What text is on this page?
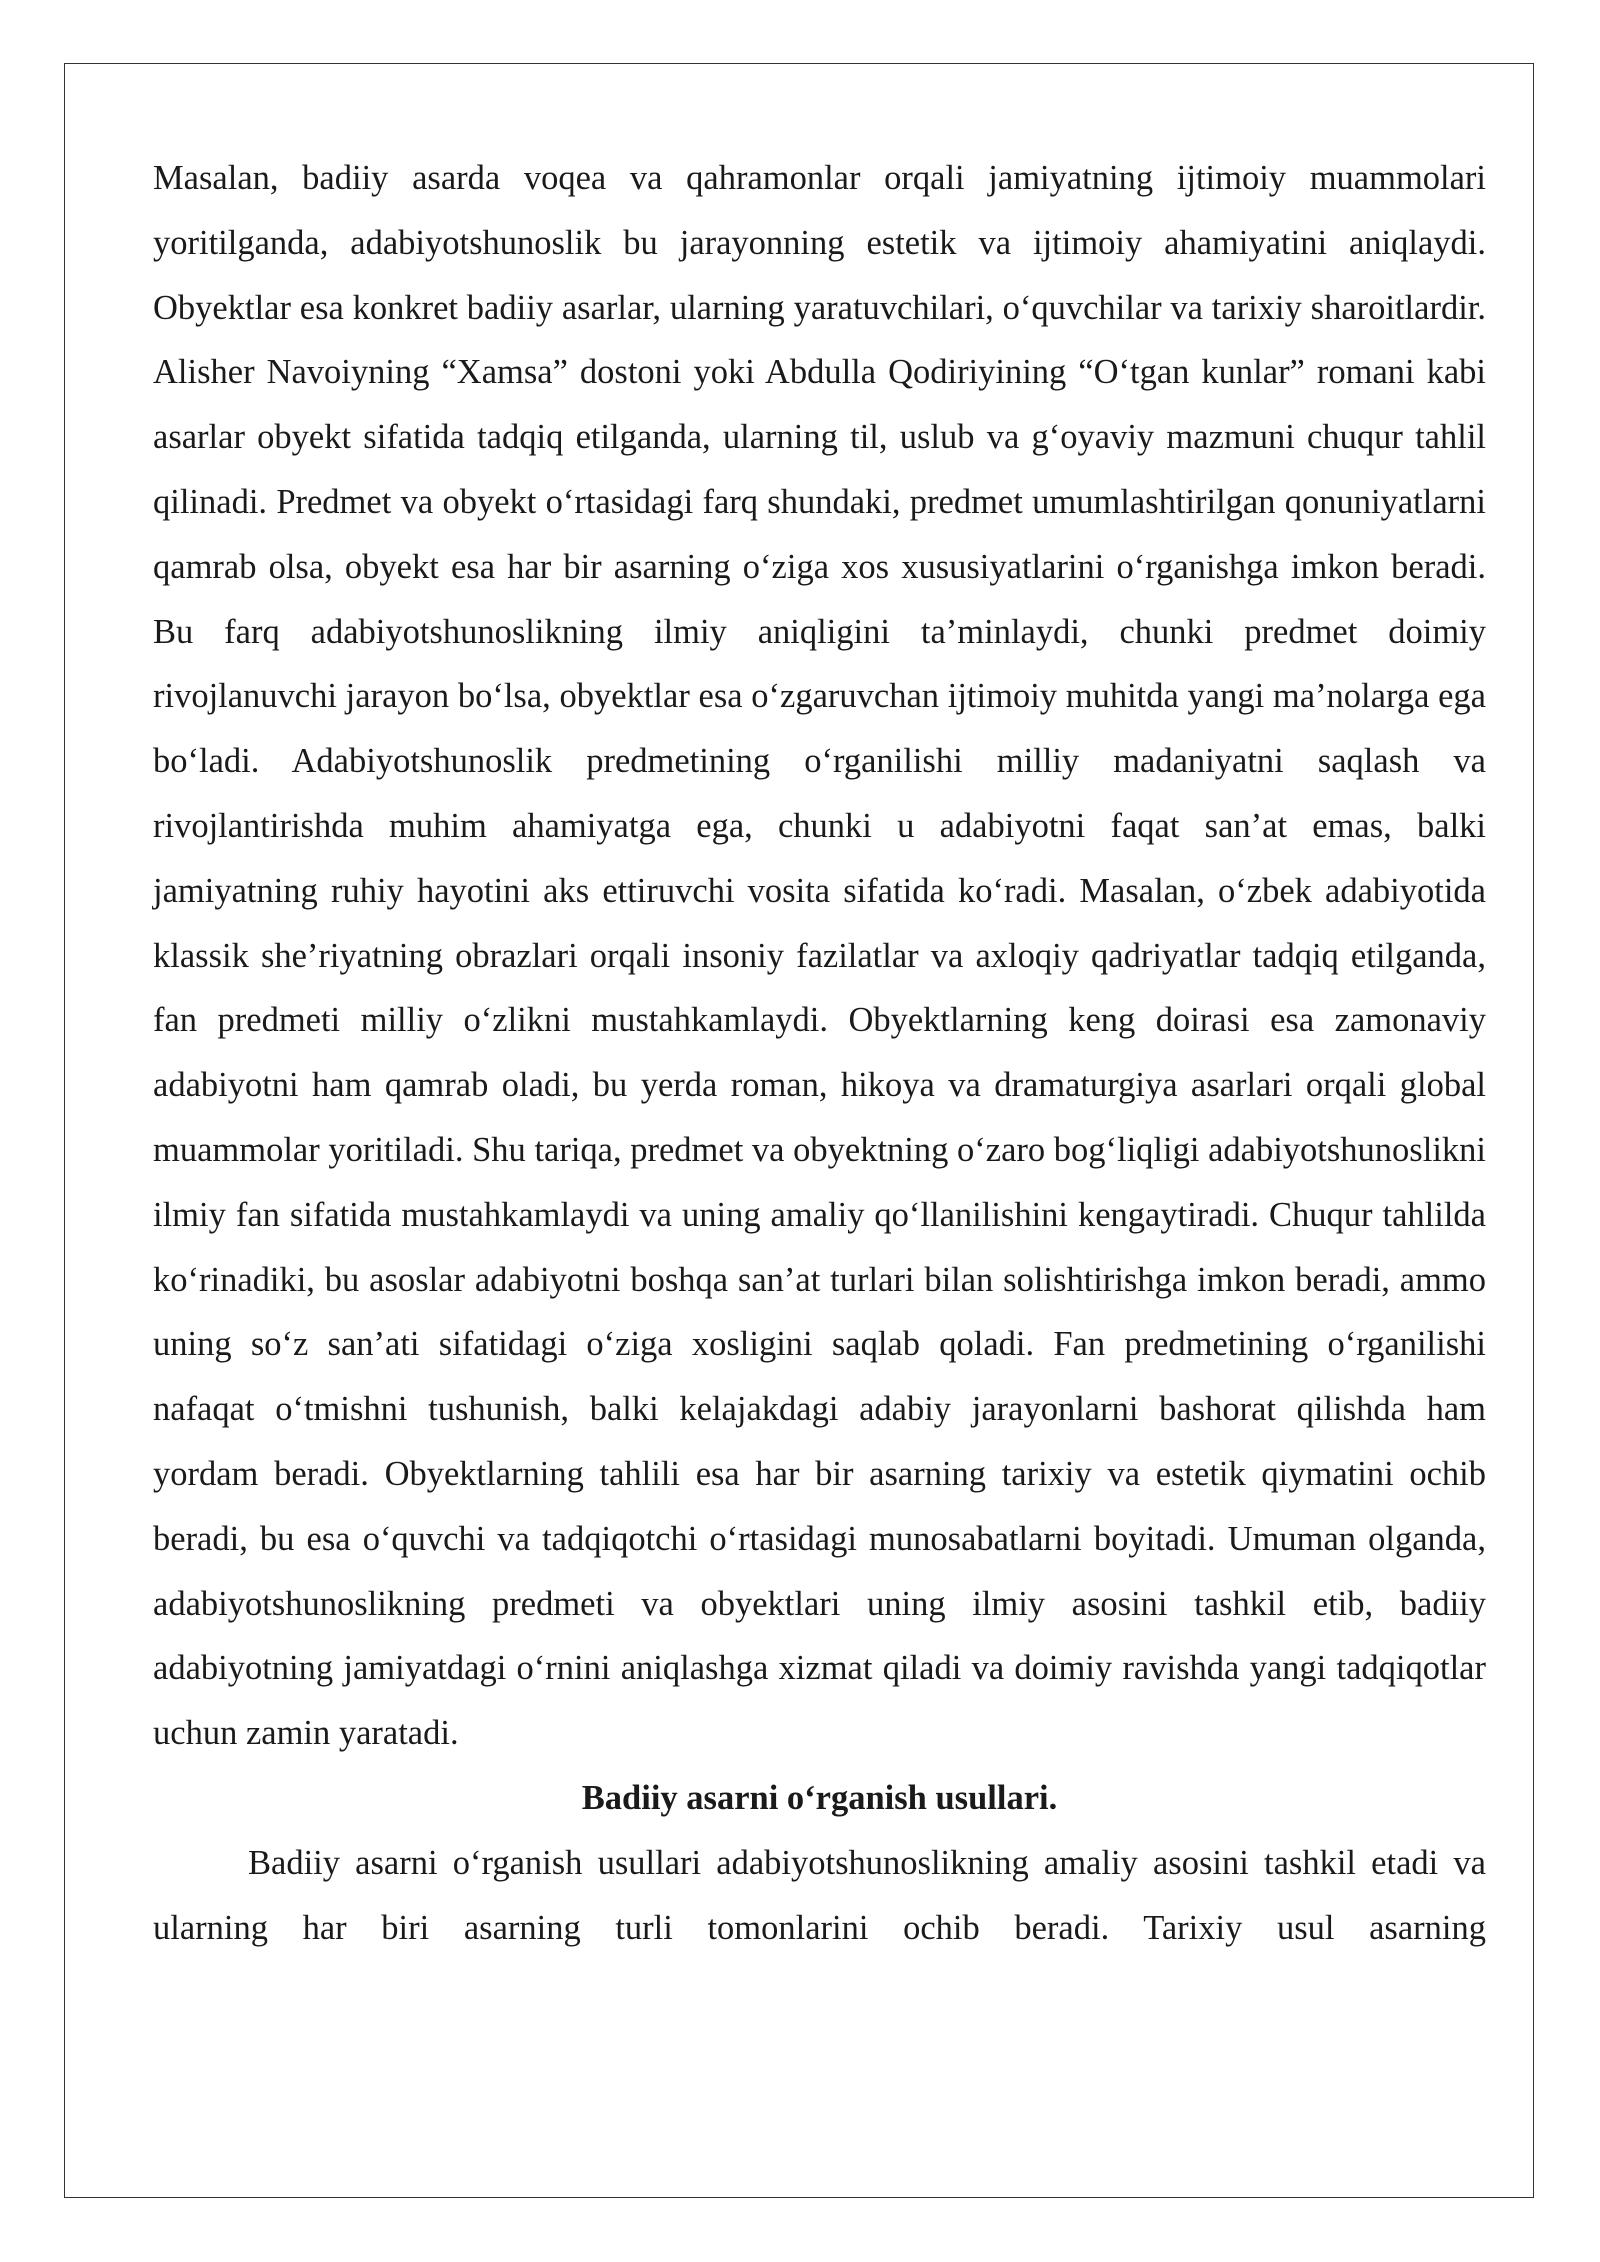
Masalan, badiiy asarda voqea va qahramonlar orqali jamiyatning ijtimoiy muammolari yoritilganda, adabiyotshunoslik bu jarayonning estetik va ijtimoiy ahamiyatini aniqlaydi. Obyektlar esa konkret badiiy asarlar, ularning yaratuvchilari, o‘quvchilar va tarixiy sharoitlardir. Alisher Navoiyning “Xamsa” dostoni yoki Abdulla Qodiriyining “O‘tgan kunlar” romani kabi asarlar obyekt sifatida tadqiq etilganda, ularning til, uslub va g‘oyaviy mazmuni chuqur tahlil qilinadi. Predmet va obyekt o‘rtasidagi farq shundaki, predmet umumlashtirilgan qonuniyatlarni qamrab olsa, obyekt esa har bir asarning o‘ziga xos xususiyatlarini o‘rganishga imkon beradi. Bu farq adabiyotshunoslikning ilmiy aniqligini ta’minlaydi, chunki predmet doimiy rivojlanuvchi jarayon bo‘lsa, obyektlar esa o‘zgaruvchan ijtimoiy muhitda yangi ma’nolarga ega bo‘ladi. Adabiyotshunoslik predmetining o‘rganilishi milliy madaniyatni saqlash va rivojlantirishda muhim ahamiyatga ega, chunki u adabiyotni faqat san’at emas, balki jamiyatning ruhiy hayotini aks ettiruvchi vosita sifatida ko‘radi. Masalan, o‘zbek adabiyotida klassik she’riyatning obrazlari orqali insoniy fazilatlar va axloqiy qadriyatlar tadqiq etilganda, fan predmeti milliy o‘zlikni mustahkamlaydi. Obyektlarning keng doirasi esa zamonaviy adabiyotni ham qamrab oladi, bu yerda roman, hikoya va dramaturgiya asarlari orqali global muammolar yoritiladi. Shu tariqa, predmet va obyektning o‘zaro bog‘liqligi adabiyotshunoslikni ilmiy fan sifatida mustahkamlaydi va uning amaliy qo‘llanilishini kengaytiradi. Chuqur tahlilda ko‘rinadiki, bu asoslar adabiyotni boshqa san’at turlari bilan solishtirishga imkon beradi, ammo uning so‘z san’ati sifatidagi o‘ziga xosligini saqlab qoladi. Fan predmetining o‘rganilishi nafaqat o‘tmishni tushunish, balki kelajakdagi adabiy jarayonlarni bashorat qilishda ham yordam beradi. Obyektlarning tahlili esa har bir asarning tarixiy va estetik qiymatini ochib beradi, bu esa o‘quvchi va tadqiqotchi o‘rtasidagi munosabatlarni boyitadi. Umuman olganda, adabiyotshunoslikning predmeti va obyektlari uning ilmiy asosini tashkil etib, badiiy adabiyotning jamiyatdagi o‘rnini aniqlashga xizmat qiladi va doimiy ravishda yangi tadqiqotlar uchun zamin yaratadi.

Badiiy asarni o‘rganish usullari.

Badiiy asarni o‘rganish usullari adabiyotshunoslikning amaliy asosini tashkil etadi va ularning har biri asarning turli tomonlarini ochib beradi. Tarixiy usul asarning
